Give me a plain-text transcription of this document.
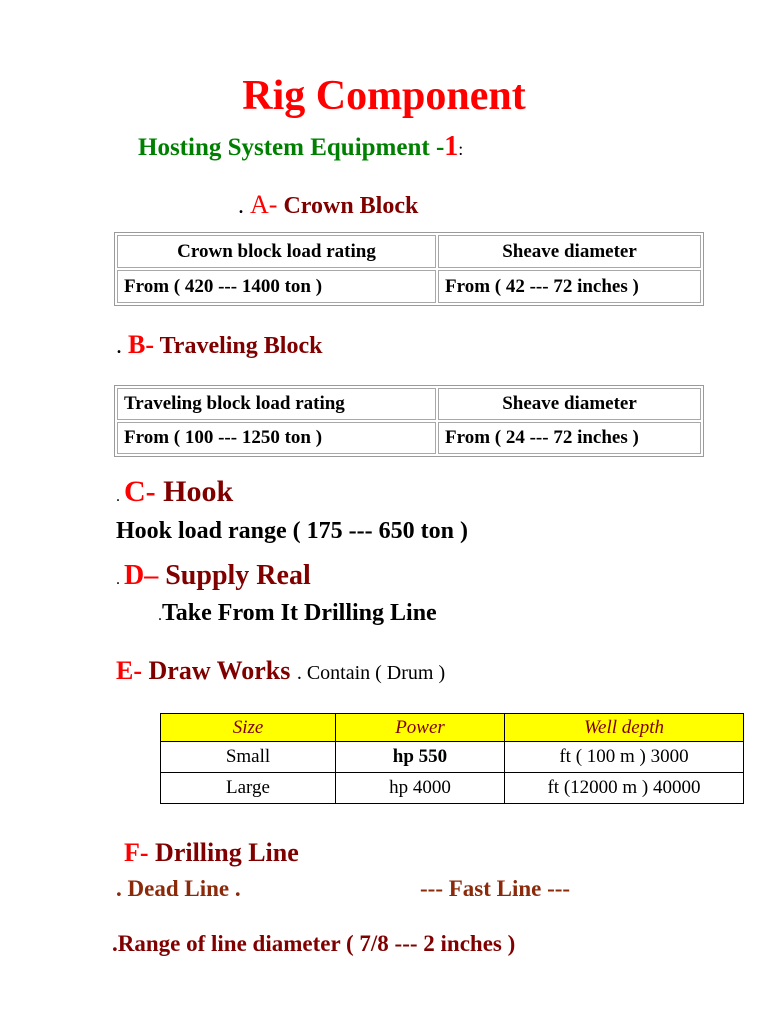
Rig Component
Hosting System Equipment -1:
. A- Crown Block
Crown block load rating	Sheave diameter
From ( 420 --- 1400 ton )	From ( 42 --- 72 inches )
. B- Traveling Block
Traveling block load rating	Sheave diameter
From ( 100 --- 1250 ton )	From ( 24 --- 72 inches )
. C- Hook
Hook load range ( 175 --- 650 ton )
. D– Supply Real
.Take From It Drilling Line
E- Draw Works . Contain ( Drum )
Size	Power	Well depth
Small	hp 550	ft ( 100 m ) 3000
Large	hp 4000	ft (12000 m ) 40000
F- Drilling Line
. Dead Line .	--- Fast Line ---
.Range of line diameter ( 7/8 --- 2 inches )
